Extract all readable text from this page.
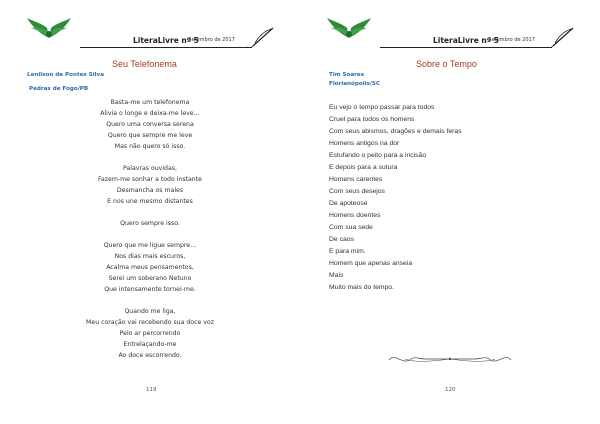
LiteraLivre nº 5
- Setembro de 2017
Seu Telefonema
Lenilson de Pontes Silva
Pedras de Fogo/PB
Basta-me um telefonema
Alivia o longe e deixa-me leve…
Quero uma conversa serena
Quero que sempre me leve
Mas não quero só isso.
Palavras ouvidas,
Fazem-me sonhar a todo instante
Desmancha os males
E nos une mesmo distantes
Quero sempre isso.
Quero que me ligue sempre…
Nos dias mais escuros,
Acalma meus pensamentos,
Serei um soberano Netuno
Que intensamente tornei-me.
Quando me liga,
Meu coração vai recebendo sua doce voz
Pelo ar percorrendo
Entrelaçando-me
Ao doce escorrendo.
119
LiteraLivre nº 5
- Setembro de 2017
Sobre o Tempo
Tim Soares
Florianópolis/SC
Eu vejo o tempo passar para todos
Cruel para todos os homens
Com seus abismos, dragões e demais feras
Homens antigos na dor
Estufando o peito para a incisão
E depois para a sutura
Homens carentes
Com seus desejos
De apoteose
Homens doentes
Com sua sede
De caos
E para mim.
Homem que apenas anseia
Mais
Muito mais do tempo.
120
